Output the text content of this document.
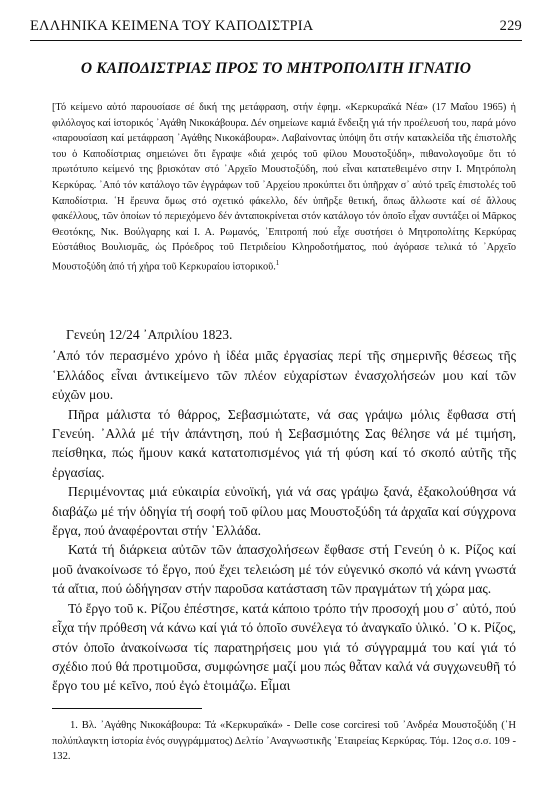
ΕΛΛΗΝΙΚΑ ΚΕΙΜΕΝΑ ΤΟΥ ΚΑΠΟΔΙΣΤΡΙΑ	229
Ο ΚΑΠΟΔΙΣΤΡΙΑΣ ΠΡΟΣ ΤΟ ΜΗΤΡΟΠΟΛΙΤΗ ΙΓΝΑΤΙΟ

[Τό κείμενο αὐτό παρουσίασε σέ δική της μετάφραση, στήν ἐφημ. «Κερκυραϊκά Νέα» (17 Μαΐου 1965) ἡ φιλόλογος καί ἱστορικός ᾿Αγάθη Νικοκάβουρα. Δέν σημείωνε καμιά ἔνδειξη γιά τήν προέλευσή του, παρά μόνο «παρουσίαση καί μετάφραση ᾿Αγάθης Νικοκάβουρα». Λαβαίνοντας ὑπόψη ὅτι στήν κατακλείδα τῆς ἐπιστολῆς του ὁ Καποδίστριας σημειώνει ὅτι ἔγραψε «διά χειρός τοῦ φίλου Μουστοξύδη», πιθανολογοῦμε ὅτι τό πρωτότυπο κείμενό της βρισκόταν στό ᾿Αρχεῖο Μουστοξύδη, πού εἶναι κατατεθειμένο στην Ι. Μητρόπολη Κερκύρας. ᾿Από τόν κατάλογο τῶν ἐγγράφων τοῦ ᾿Αρχείου προκύπτει ὅτι ὑπῆρχαν σ᾿ αὐτό τρεῖς ἐπιστολές τοῦ Καποδίστρια. ῾Η ἔρευνα ὅμως στό σχετικό φάκελλο, δέν ὑπῆρξε θετική, ὅπως ἄλλωστε καί σέ ἄλλους φακέλλους, τῶν ὁποίων τό περιεχόμενο δέν ἀνταποκρίνεται στόν κατάλογο τόν ὁποῖο εἶχαν συντάξει οἱ Μᾶρκος Θεοτόκης, Νικ. Βούλγαρης καί Ι. Α. Ρωμανός, ᾿Επιτροπή πού εἶχε συστήσει ὁ Μητροπολίτης Κερκύρας Εὐστάθιος Βουλισμᾶς, ὡς Πρόεδρος τοῦ Πετριδείου Κληροδοτήματος, πού ἀγόρασε τελικά τό ᾿Αρχεῖο Μουστοξύδη ἀπό τή χήρα τοῦ Κερκυραίου ἱστορικοῦ.$^1$

Γενεύη 12/24 ᾿Απριλίου 1823.

᾿Από τόν περασμένο χρόνο ἡ ἰδέα μιᾶς ἐργασίας περί τῆς σημερινῆς θέσεως τῆς ῾Ελλάδος εἶναι ἀντικείμενο τῶν πλέον εὐχαρίστων ἐνασχολήσεών μου καί τῶν εὐχῶν μου.

Πῆρα μάλιστα τό θάρρος, Σεβασμιώτατε, νά σας γράψω μόλις ἔφθασα στή Γενεύη. ᾿Αλλά μέ τήν ἀπάντηση, πού ἡ Σεβασμιότης Σας θέλησε νά μέ τιμήση, πείσθηκα, πώς ἤμουν κακά κατατοπισμένος γιά τή φύση καί τό σκοπό αὐτῆς τῆς ἐργασίας.

Περιμένοντας μιά εὐκαιρία εὐνοϊκή, γιά νά σας γράψω ξανά, ἐξακολούθησα νά διαβάζω μέ τήν ὁδηγία τή σοφή τοῦ φίλου μας Μουστοξύδη τά ἀρχαῖα καί σύγχρονα ἔργα, πού ἀναφέρονται στήν ῾Ελλάδα.

Κατά τή διάρκεια αὐτῶν τῶν ἀπασχολήσεων ἔφθασε στή Γενεύη ὁ κ. Ρίζος καί μοῦ ἀνακοίνωσε τό ἔργο, πού ἔχει τελειώση μέ τόν εὐγενικό σκοπό νά κάνη γνωστά τά αἴτια, πού ὡδήγησαν στήν παροῦσα κατάσταση τῶν πραγμάτων τή χώρα μας.

Τό ἔργο τοῦ κ. Ρίζου ἐπέστησε, κατά κάποιο τρόπο τήν προσοχή μου σ᾿ αὐτό, πού εἶχα τήν πρόθεση νά κάνω καί γιά τό ὁποῖο συνέλεγα τό ἀναγκαῖο ὑλικό. ᾿Ο κ. Ρίζος, στόν ὁποῖο ἀνακοίνωσα τίς παρατηρήσεις μου γιά τό σύγγραμμά του καί γιά τό σχέδιο πού θά προτιμοῦσα, συμφώνησε μαζί μου πώς θἆταν καλά νά συγχωνευθῆ τό ἔργο του μέ κεῖνο, πού ἐγώ ἑτοιμάζω. Εἶμαι

1. Βλ. ᾿Αγάθης Νικοκάβουρα: Τά «Κερκυραϊκά» - Delle cose corciresi τοῦ ᾿Ανδρέα Μουστοξύδη (῾Η πολύπλαγκτη ἱστορία ἑνός συγγράμματος) Δελτίο ᾿Αναγνωστικῆς ῾Εταιρείας Κερκύρας. Τόμ. 12ος σ.σ. 109 - 132.
